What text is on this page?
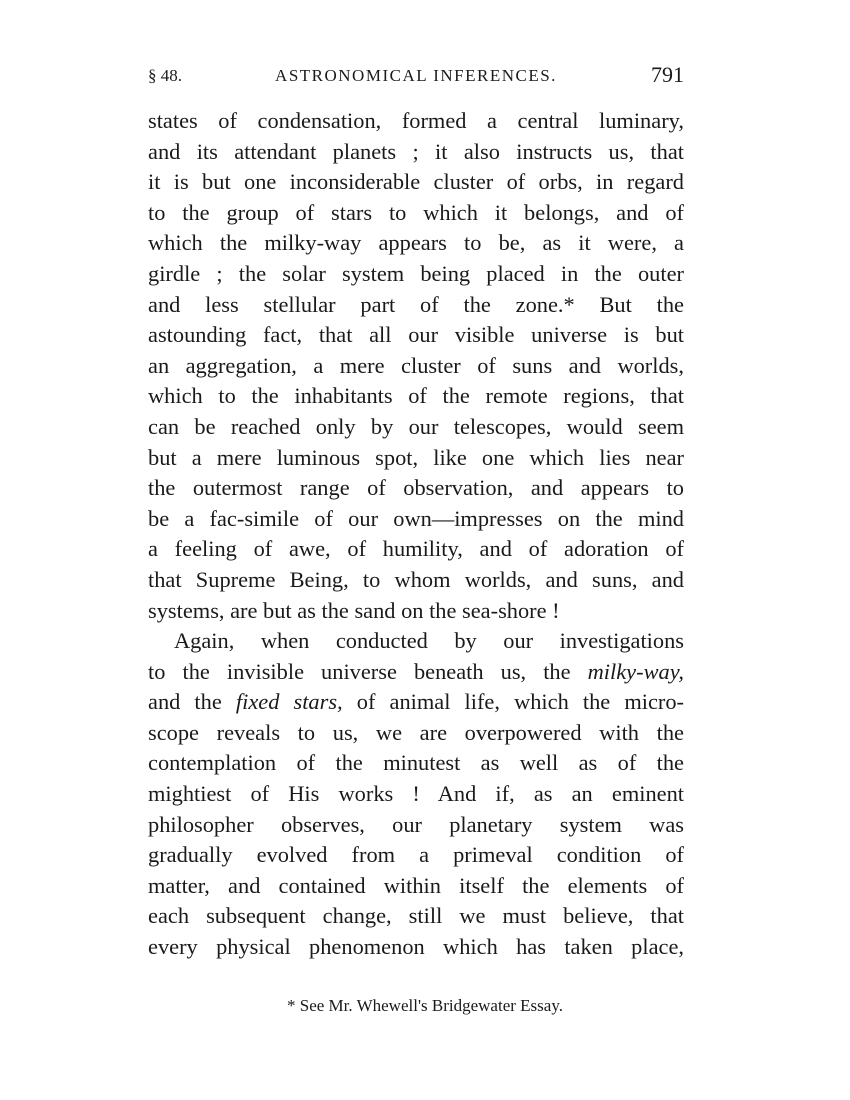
§ 48.	ASTRONOMICAL INFERENCES.	791
states of condensation, formed a central luminary,
and its attendant planets ; it also instructs us, that
it is but one inconsiderable cluster of orbs, in regard
to the group of stars to which it belongs, and of
which the milky-way appears to be, as it were, a
girdle ; the solar system being placed in the outer
and less stellular part of the zone.* But the
astounding fact, that all our visible universe is but
an aggregation, a mere cluster of suns and worlds,
which to the inhabitants of the remote regions, that
can be reached only by our telescopes, would seem
but a mere luminous spot, like one which lies near
the outermost range of observation, and appears to
be a fac-simile of our own—impresses on the mind
a feeling of awe, of humility, and of adoration of
that Supreme Being, to whom worlds, and suns, and
systems, are but as the sand on the sea-shore !
Again, when conducted by our investigations
to the invisible universe beneath us, the milky-way,
and the fixed stars, of animal life, which the micro-
scope reveals to us, we are overpowered with the
contemplation of the minutest as well as of the
mightiest of His works ! And if, as an eminent
philosopher observes, our planetary system was
gradually evolved from a primeval condition of
matter, and contained within itself the elements of
each subsequent change, still we must believe, that
every physical phenomenon which has taken place,
* See Mr. Whewell's Bridgewater Essay.
